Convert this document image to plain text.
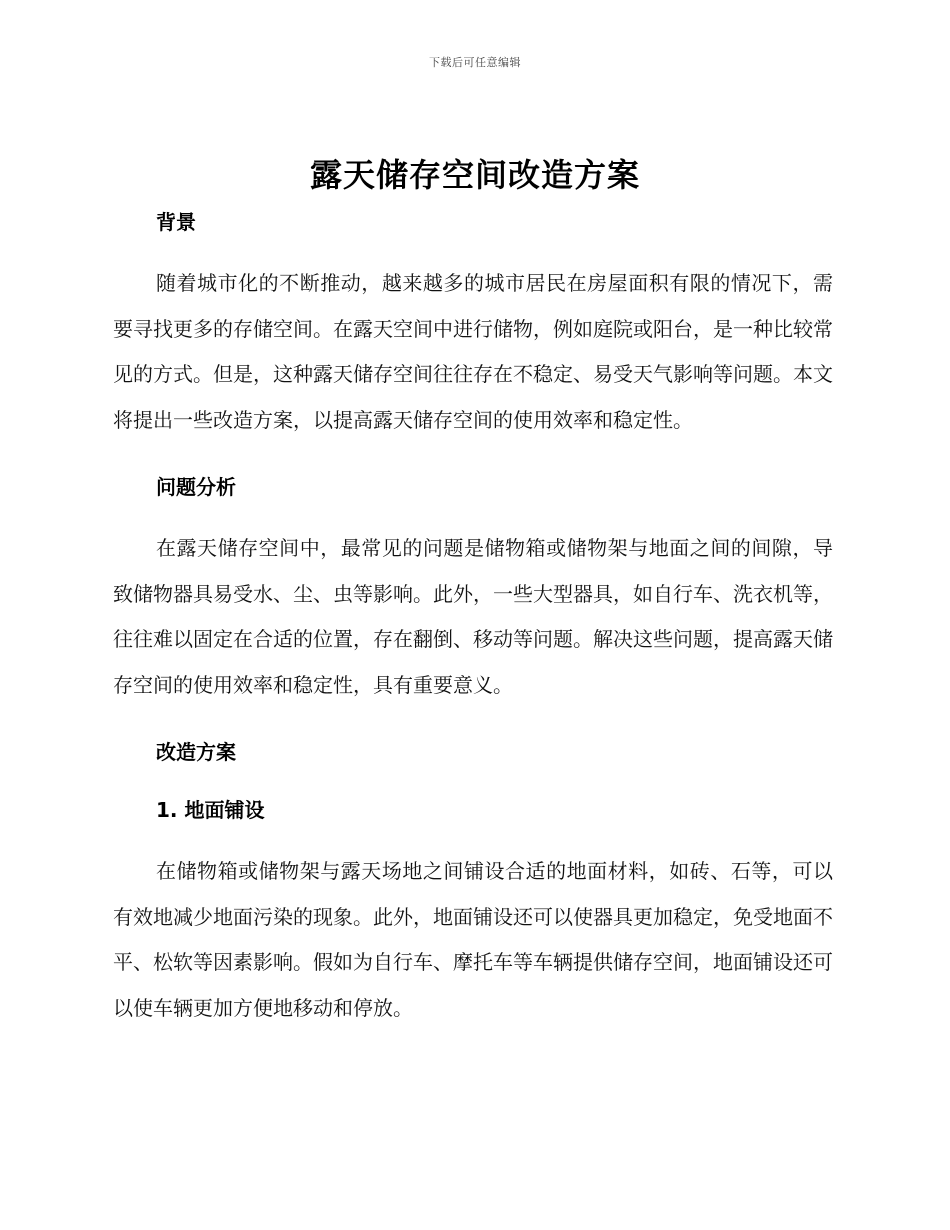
下载后可任意编辑
露天储存空间改造方案
背景

随着城市化的不断推动，越来越多的城市居民在房屋面积有限的情况下，需要寻找更多的存储空间。在露天空间中进行储物，例如庭院或阳台，是一种比较常见的方式。但是，这种露天储存空间往往存在不稳定、易受天气影响等问题。本文将提出一些改造方案，以提高露天储存空间的使用效率和稳定性。

问题分析

在露天储存空间中，最常见的问题是储物箱或储物架与地面之间的间隙，导致储物器具易受水、尘、虫等影响。此外，一些大型器具，如自行车、洗衣机等，往往难以固定在合适的位置，存在翻倒、移动等问题。解决这些问题，提高露天储存空间的使用效率和稳定性，具有重要意义。

改造方案
1. 地面铺设

在储物箱或储物架与露天场地之间铺设合适的地面材料，如砖、石等，可以有效地减少地面污染的现象。此外，地面铺设还可以使器具更加稳定，免受地面不平、松软等因素影响。假如为自行车、摩托车等车辆提供储存空间，地面铺设还可以使车辆更加方便地移动和停放。
